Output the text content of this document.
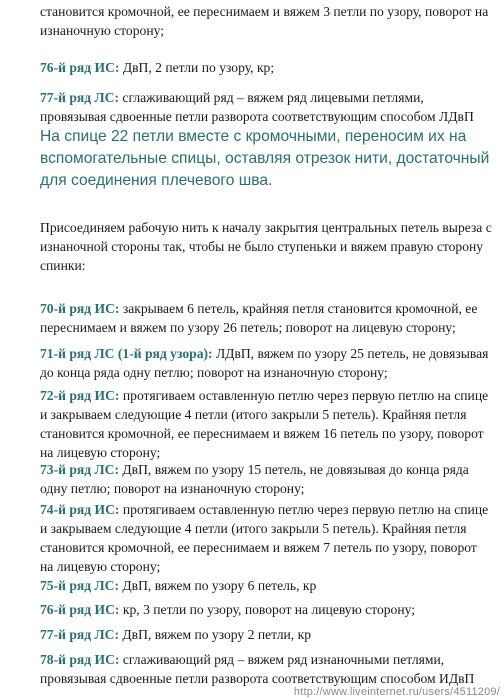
становится кромочной, ее переснимаем и вяжем 3 петли по узору, поворот на изнаночную сторону;

76-й ряд ИС: ДвП, 2 петли по узору, кр;

77-й ряд ЛС: сглаживающий ряд – вяжем ряд лицевыми петлями, провязывая сдвоенные петли разворота соответствующим способом ЛДвП

На спице 22 петли вместе с кромочными, переносим их на вспомогательные спицы, оставляя отрезок нити, достаточный для соединения плечевого шва.

Присоединяем рабочую нить к началу закрытия центральных петель выреза с изнаночной стороны так, чтобы не было ступеньки и вяжем правую сторону спинки:

70-й ряд ИС: закрываем 6 петель, крайняя петля становится кромочной, ее переснимаем и вяжем по узору 26 петель; поворот на лицевую сторону;

71-й ряд ЛС (1-й ряд узора): ЛДвП, вяжем по узору 25 петель, не довязывая до конца ряда одну петлю; поворот на изнаночную сторону;

72-й ряд ИС: протягиваем оставленную петлю через первую петлю на спице и закрываем следующие 4 петли (итого закрыли 5 петель). Крайняя петля становится кромочной, ее переснимаем и вяжем 16 петель по узору, поворот на лицевую сторону;

73-й ряд ЛС: ДвП, вяжем по узору 15 петель, не довязывая до конца ряда одну петлю; поворот на изнаночную сторону;

74-й ряд ИС: протягиваем оставленную петлю через первую петлю на спице и закрываем следующие 4 петли (итого закрыли 5 петель). Крайняя петля становится кромочной, ее переснимаем и вяжем 7 петель по узору, поворот на лицевую сторону;

75-й ряд ЛС: ДвП, вяжем по узору 6 петель, кр

76-й ряд ИС: кр, 3 петли по узору, поворот на лицевую сторону;

77-й ряд ЛС: ДвП, вяжем по узору 2 петли, кр

78-й ряд ИС: сглаживающий ряд – вяжем ряд изнаночными петлями, провязывая сдвоенные петли разворота соответствующим способом ИДвП

http://www.liveinternet.ru/users/4511209/
